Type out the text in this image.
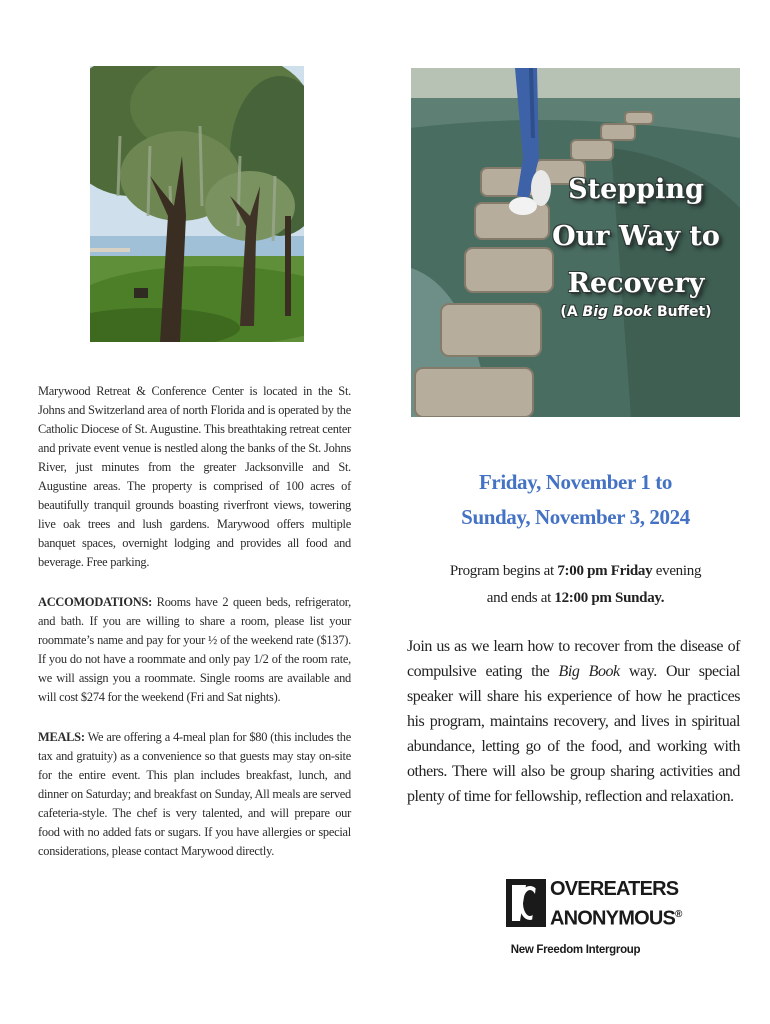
Marywood Retreat & Conference Center is located in the St. Johns and Switzerland area of north Florida and is operated by the Catholic Diocese of St. Augustine. This breathtaking retreat center and private event venue is nestled along the banks of the St. Johns River, just minutes from the greater Jacksonville and St. Augustine areas. The property is comprised of 100 acres of beautifully tranquil grounds boasting riverfront views, towering live oak trees and lush gardens. Marywood offers multiple banquet spaces, overnight lodging and provides all food and beverage. Free parking.

ACCOMODATIONS: Rooms have 2 queen beds, refrigerator, and bath. If you are willing to share a room, please list your roommate’s name and pay for your ½ of the weekend rate ($137). If you do not have a roommate and only pay 1/2 of the room rate, we will assign you a roommate. Single rooms are available and will cost $274 for the weekend (Fri and Sat nights).

MEALS: We are offering a 4-meal plan for $80 (this includes the tax and gratuity) as a convenience so that guests may stay on-site for the entire event. This plan includes breakfast, lunch, and dinner on Saturday; and breakfast on Sunday, All meals are served cafeteria-style. The chef is very talented, and will prepare our food with no added fats or sugars. If you have allergies or special considerations, please contact Marywood directly.

Stepping
Our Way to
Recovery
(A Big Book Buffet)
Friday, November 1 to
Sunday, November 3, 2024
Program begins at 7:00 pm Friday evening
and ends at 12:00 pm Sunday.
Join us as we learn how to recover from the disease of compulsive eating the Big Book way. Our special speaker will share his experience of how he practices his program, maintains recovery, and lives in spiritual abundance, letting go of the food, and working with others. There will also be group sharing activities and plenty of time for fellowship, reflection and relaxation.
OVEREATERS
ANONYMOUS®
New Freedom Intergroup
